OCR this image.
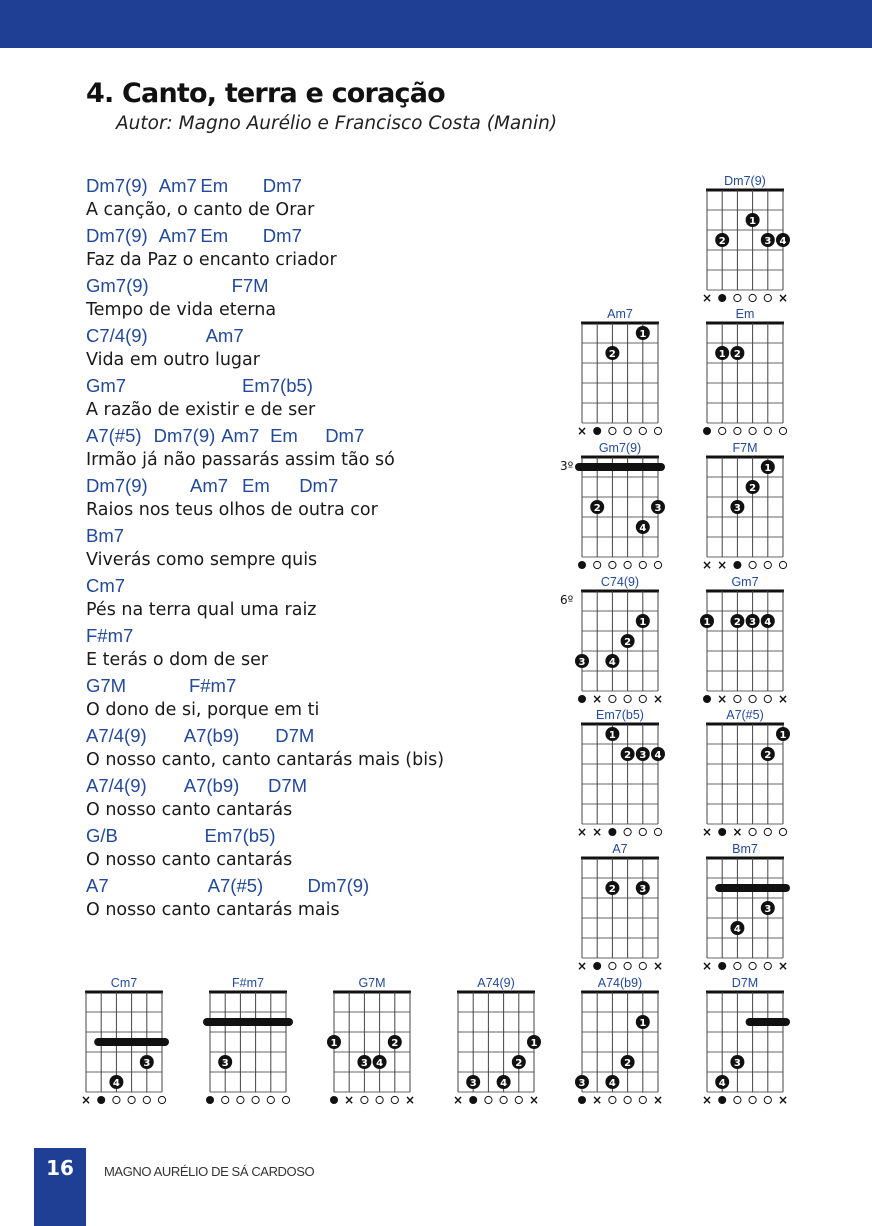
4. Canto, terra e coração
Autor: Magno Aurélio e Francisco Costa (Manin)
Dm7(9) Am7 Em Dm7
A canção, o canto de Orar
Dm7(9) Am7 Em Dm7
Faz da Paz o encanto criador
Gm7(9)	F7M
Tempo de vida eterna
C7/4(9)	Am7
Vida em outro lugar
Gm7	Em7(b5)
A razão de existir e de ser
A7(#5) Dm7(9) Am7 Em Dm7
Irmão já não passarás assim tão só
Dm7(9) Am7 Em Dm7
Raios nos teus olhos de outra cor
Bm7
Viverás como sempre quis
Cm7
Pés na terra qual uma raiz
F#m7
E terás o dom de ser
G7M	F#m7
O dono de si, porque em ti
A7/4(9) A7(b9) D7M
O nosso canto, canto cantarás mais (bis)
A7/4(9) A7(b9) D7M
O nosso canto cantarás
G/B	Em7(b5)
O nosso canto cantarás
A7	A7(#5) Dm7(9)
O nosso canto cantarás mais
Dm7(9)
1
2	3 4
×	×
Am7
1
2
×
Em
1 2
Gm7(9)
3º
2	3
4
F7M
1
2
3
× ×
C74(9)
6º
1
2
3 4
×	×
Gm7
1 2 3 4
×	×
Em7(b5)
1
2 3 4
× ×
A7(#5)
1
2
× ×
A7
2 3
×	×
Bm7
3
4
×	×
Cm7
3
4
×
F#m7
3
G7M
1	2
3 4
×	×
A74(9)
1
2
3 4
×	×
A74(b9)
1
2
3 4
×	×
D7M
3
4
×	×
16	MAGNO AURÉLIO DE SÁ CARDOSO
